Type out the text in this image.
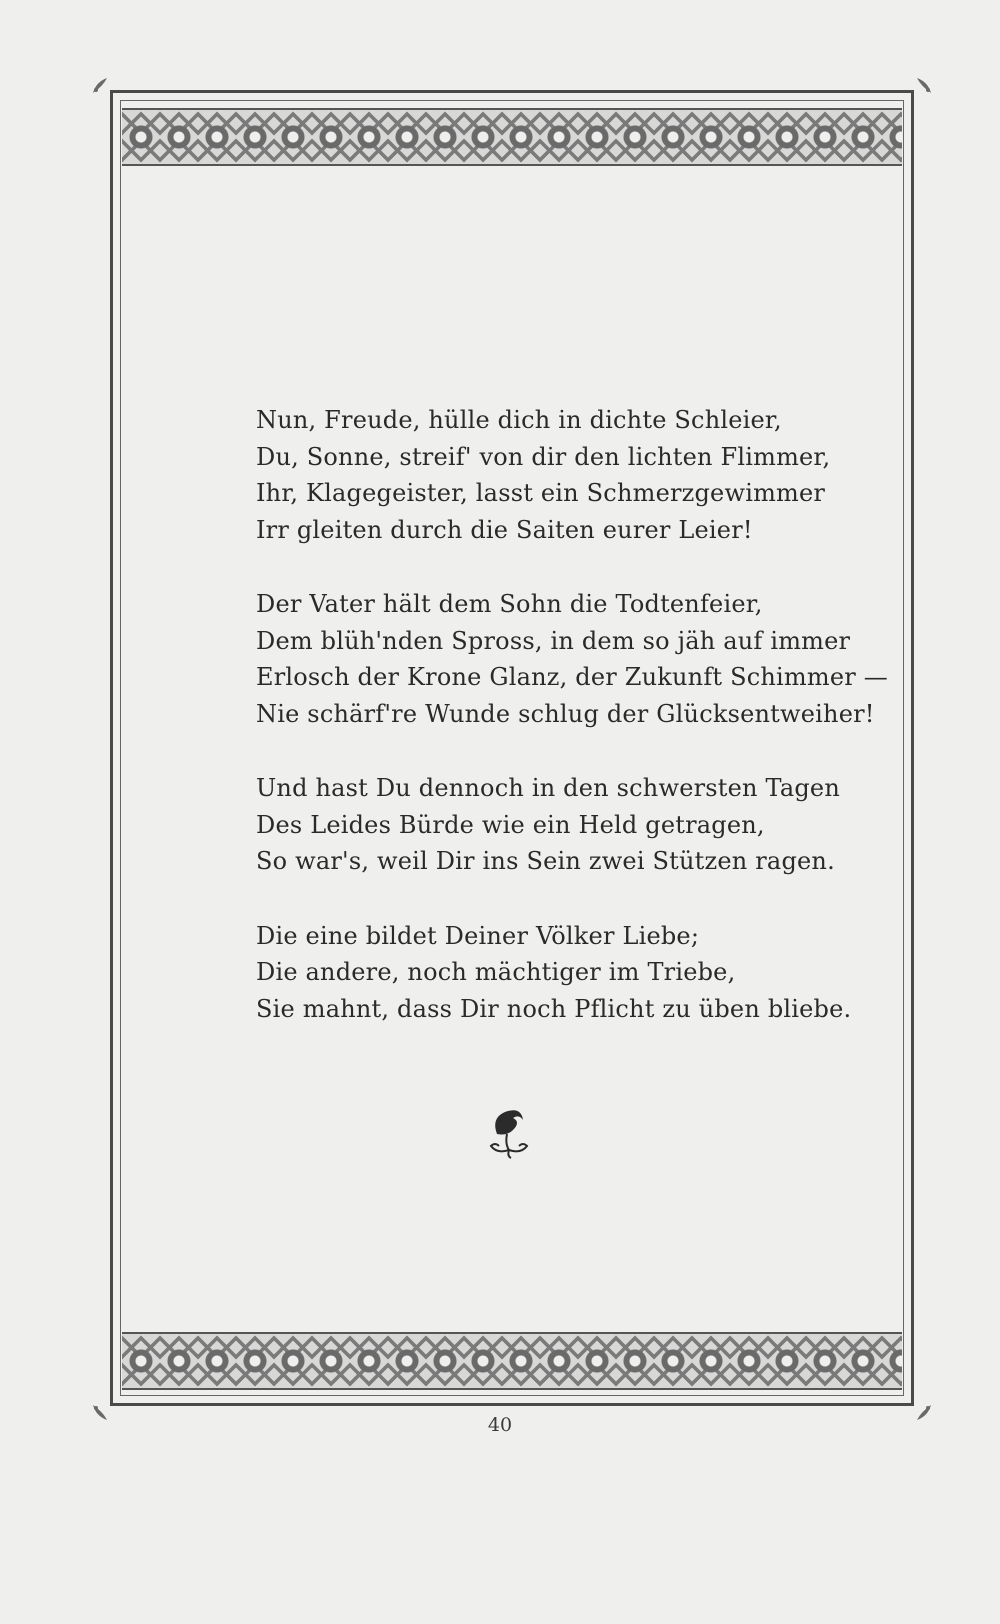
Nun, Freude, hülle dich in dichte Schleier,
Du, Sonne, streif' von dir den lichten Flimmer,
Ihr, Klagegeister, lasst ein Schmerzgewimmer
Irr gleiten durch die Saiten eurer Leier!
Der Vater hält dem Sohn die Todtenfeier,
Dem blüh'nden Spross, in dem so jäh auf immer
Erlosch der Krone Glanz, der Zukunft Schimmer —
Nie schärf're Wunde schlug der Glücksentweiher!
Und hast Du dennoch in den schwersten Tagen
Des Leides Bürde wie ein Held getragen,
So war's, weil Dir ins Sein zwei Stützen ragen.
Die eine bildet Deiner Völker Liebe;
Die andere, noch mächtiger im Triebe,
Sie mahnt, dass Dir noch Pflicht zu üben bliebe.
40
